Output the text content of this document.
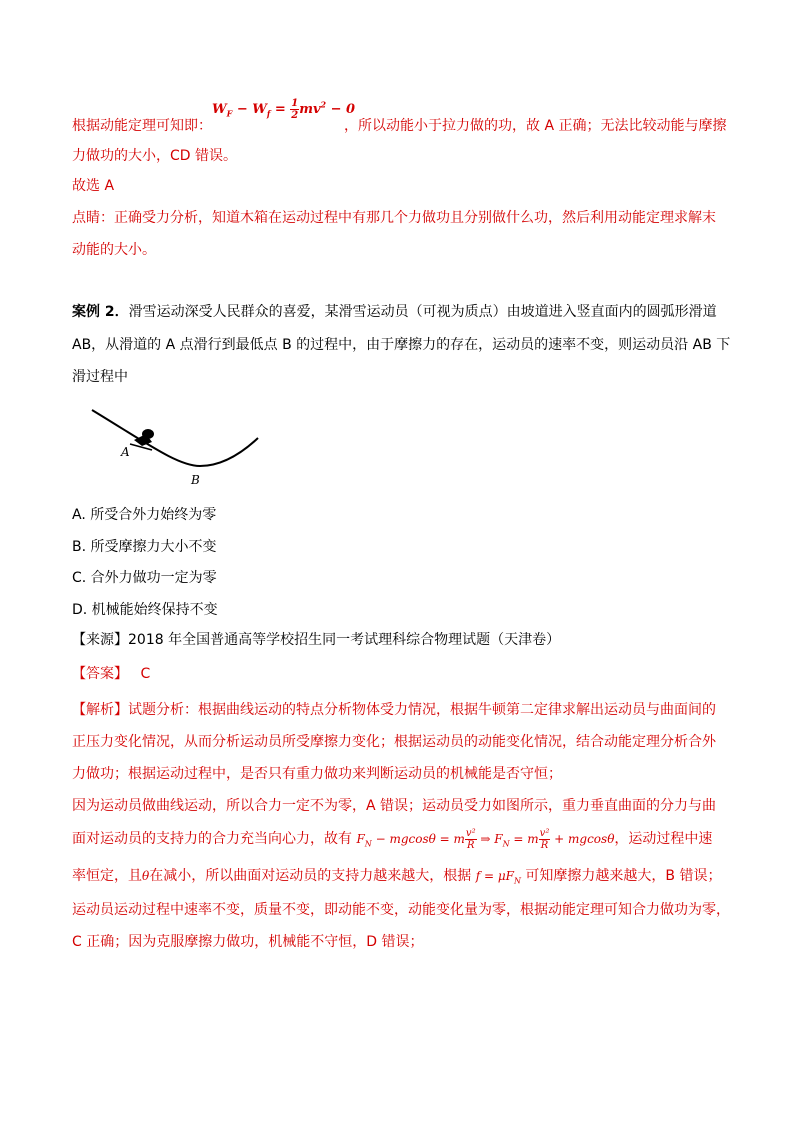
根据动能定理可知即：
$W_F - W_f = \frac{1}{2} mv^2 - 0$
，所以动能小于拉力做的功，故 A 正确；无法比较动能与摩擦
力做功的大小，CD 错误。
故选 A
点睛：正确受力分析，知道木箱在运动过程中有那几个力做功且分别做什么功，然后利用动能定理求解末
动能的大小。
案例 2．滑雪运动深受人民群众的喜爱，某滑雪运动员（可视为质点）由坡道进入竖直面内的圆弧形滑道
AB，从滑道的 A 点滑行到最低点 B 的过程中，由于摩擦力的存在，运动员的速率不变，则运动员沿 AB 下
滑过程中
A
B
A. 所受合外力始终为零
B. 所受摩擦力大小不变
C. 合外力做功一定为零
D. 机械能始终保持不变
【来源】2018 年全国普通高等学校招生同一考试理科综合物理试题（天津卷）
【答案】 C
【解析】试题分析：根据曲线运动的特点分析物体受力情况，根据牛顿第二定律求解出运动员与曲面间的
正压力变化情况，从而分析运动员所受摩擦力变化；根据运动员的动能变化情况，结合动能定理分析合外
力做功；根据运动过程中，是否只有重力做功来判断运动员的机械能是否守恒；
因为运动员做曲线运动，所以合力一定不为零，A 错误；运动员受力如图所示，重力垂直曲面的分力与曲
面对运动员的支持力的合力充当向心力，故有 $F_N - mgcos\theta = m \frac{\text{v²}}{R}$ ⇒ $F_N = m \frac{\text{v²}}{R} + mgcos\theta$，运动过程中速
率恒定，且θ在减小，所以曲面对运动员的支持力越来越大，根据 $f = \mu F_N$ 可知摩擦力越来越大，B 错误；
运动员运动过程中速率不变，质量不变，即动能不变，动能变化量为零，根据动能定理可知合力做功为零，
C 正确；因为克服摩擦力做功，机械能不守恒，D 错误；
